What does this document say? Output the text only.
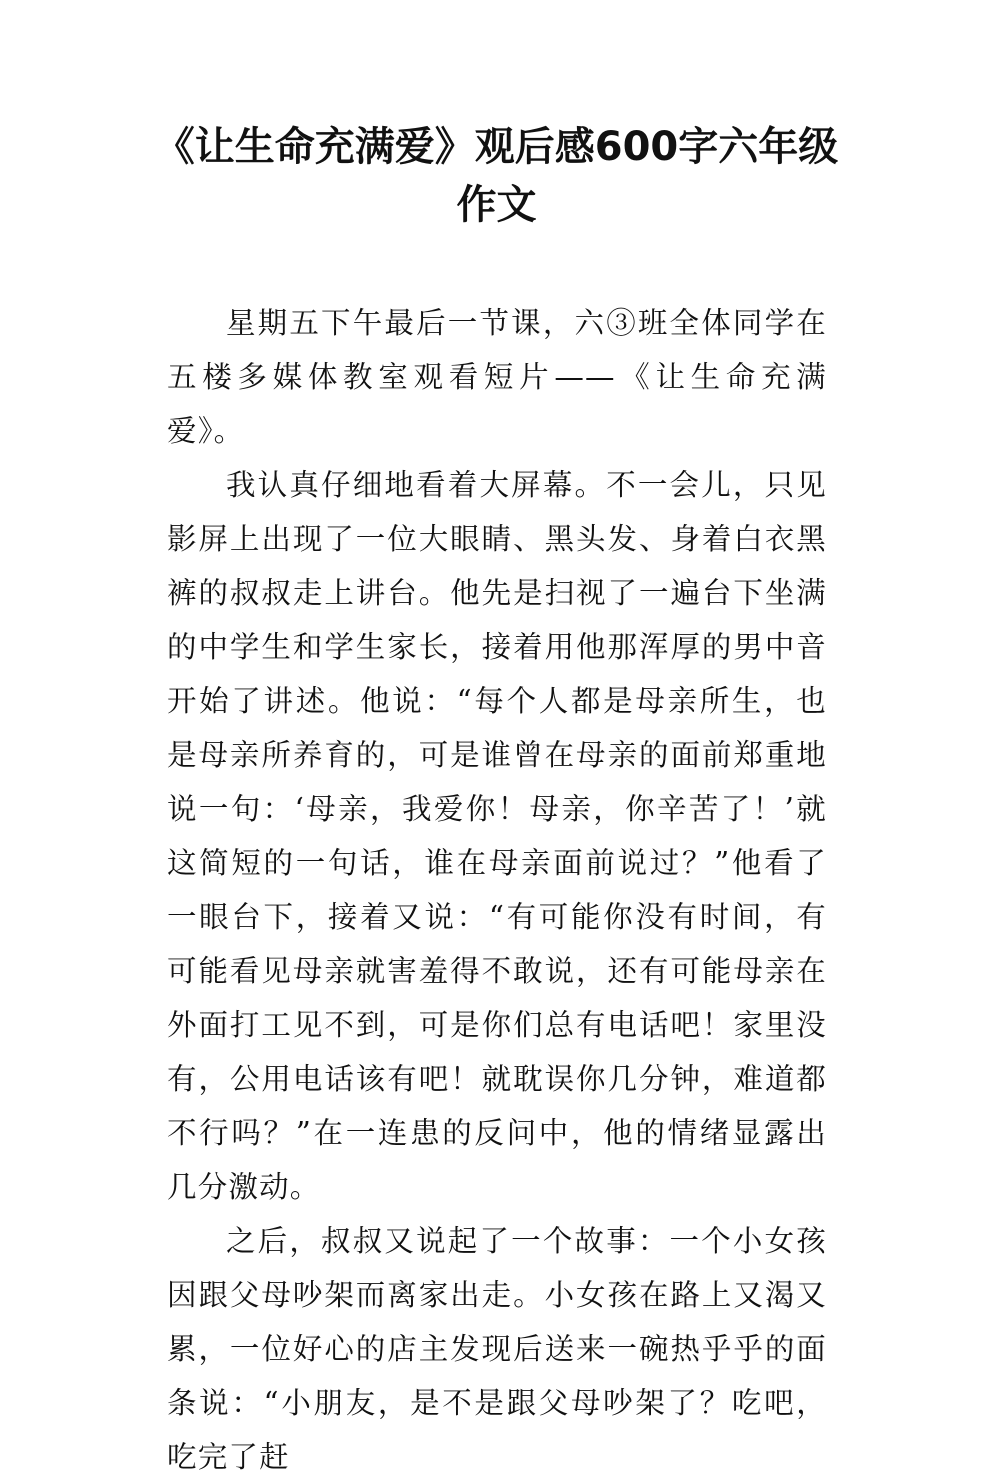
《让生命充满爱》观后感600字六年级作文

星期五下午最后一节课，六③班全体同学在五楼多媒体教室观看短片——《让生命充满爱》。

我认真仔细地看着大屏幕。不一会儿，只见影屏上出现了一位大眼睛、黑头发、身着白衣黑裤的叔叔走上讲台。他先是扫视了一遍台下坐满的中学生和学生家长，接着用他那浑厚的男中音开始了讲述。他说：“每个人都是母亲所生，也是母亲所养育的，可是谁曾在母亲的面前郑重地说一句：‘母亲，我爱你！母亲，你辛苦了！’就这简短的一句话，谁在母亲面前说过？”他看了一眼台下，接着又说：“有可能你没有时间，有可能看见母亲就害羞得不敢说，还有可能母亲在外面打工见不到，可是你们总有电话吧！家里没有，公用电话该有吧！就耽误你几分钟，难道都不行吗？”在一连患的反问中，他的情绪显露出几分激动。

之后，叔叔又说起了一个故事：一个小女孩因跟父母吵架而离家出走。小女孩在路上又渴又累，一位好心的店主发现后送来一碗热乎乎的面条说：“小朋友，是不是跟父母吵架了？吃吧，吃完了赶
